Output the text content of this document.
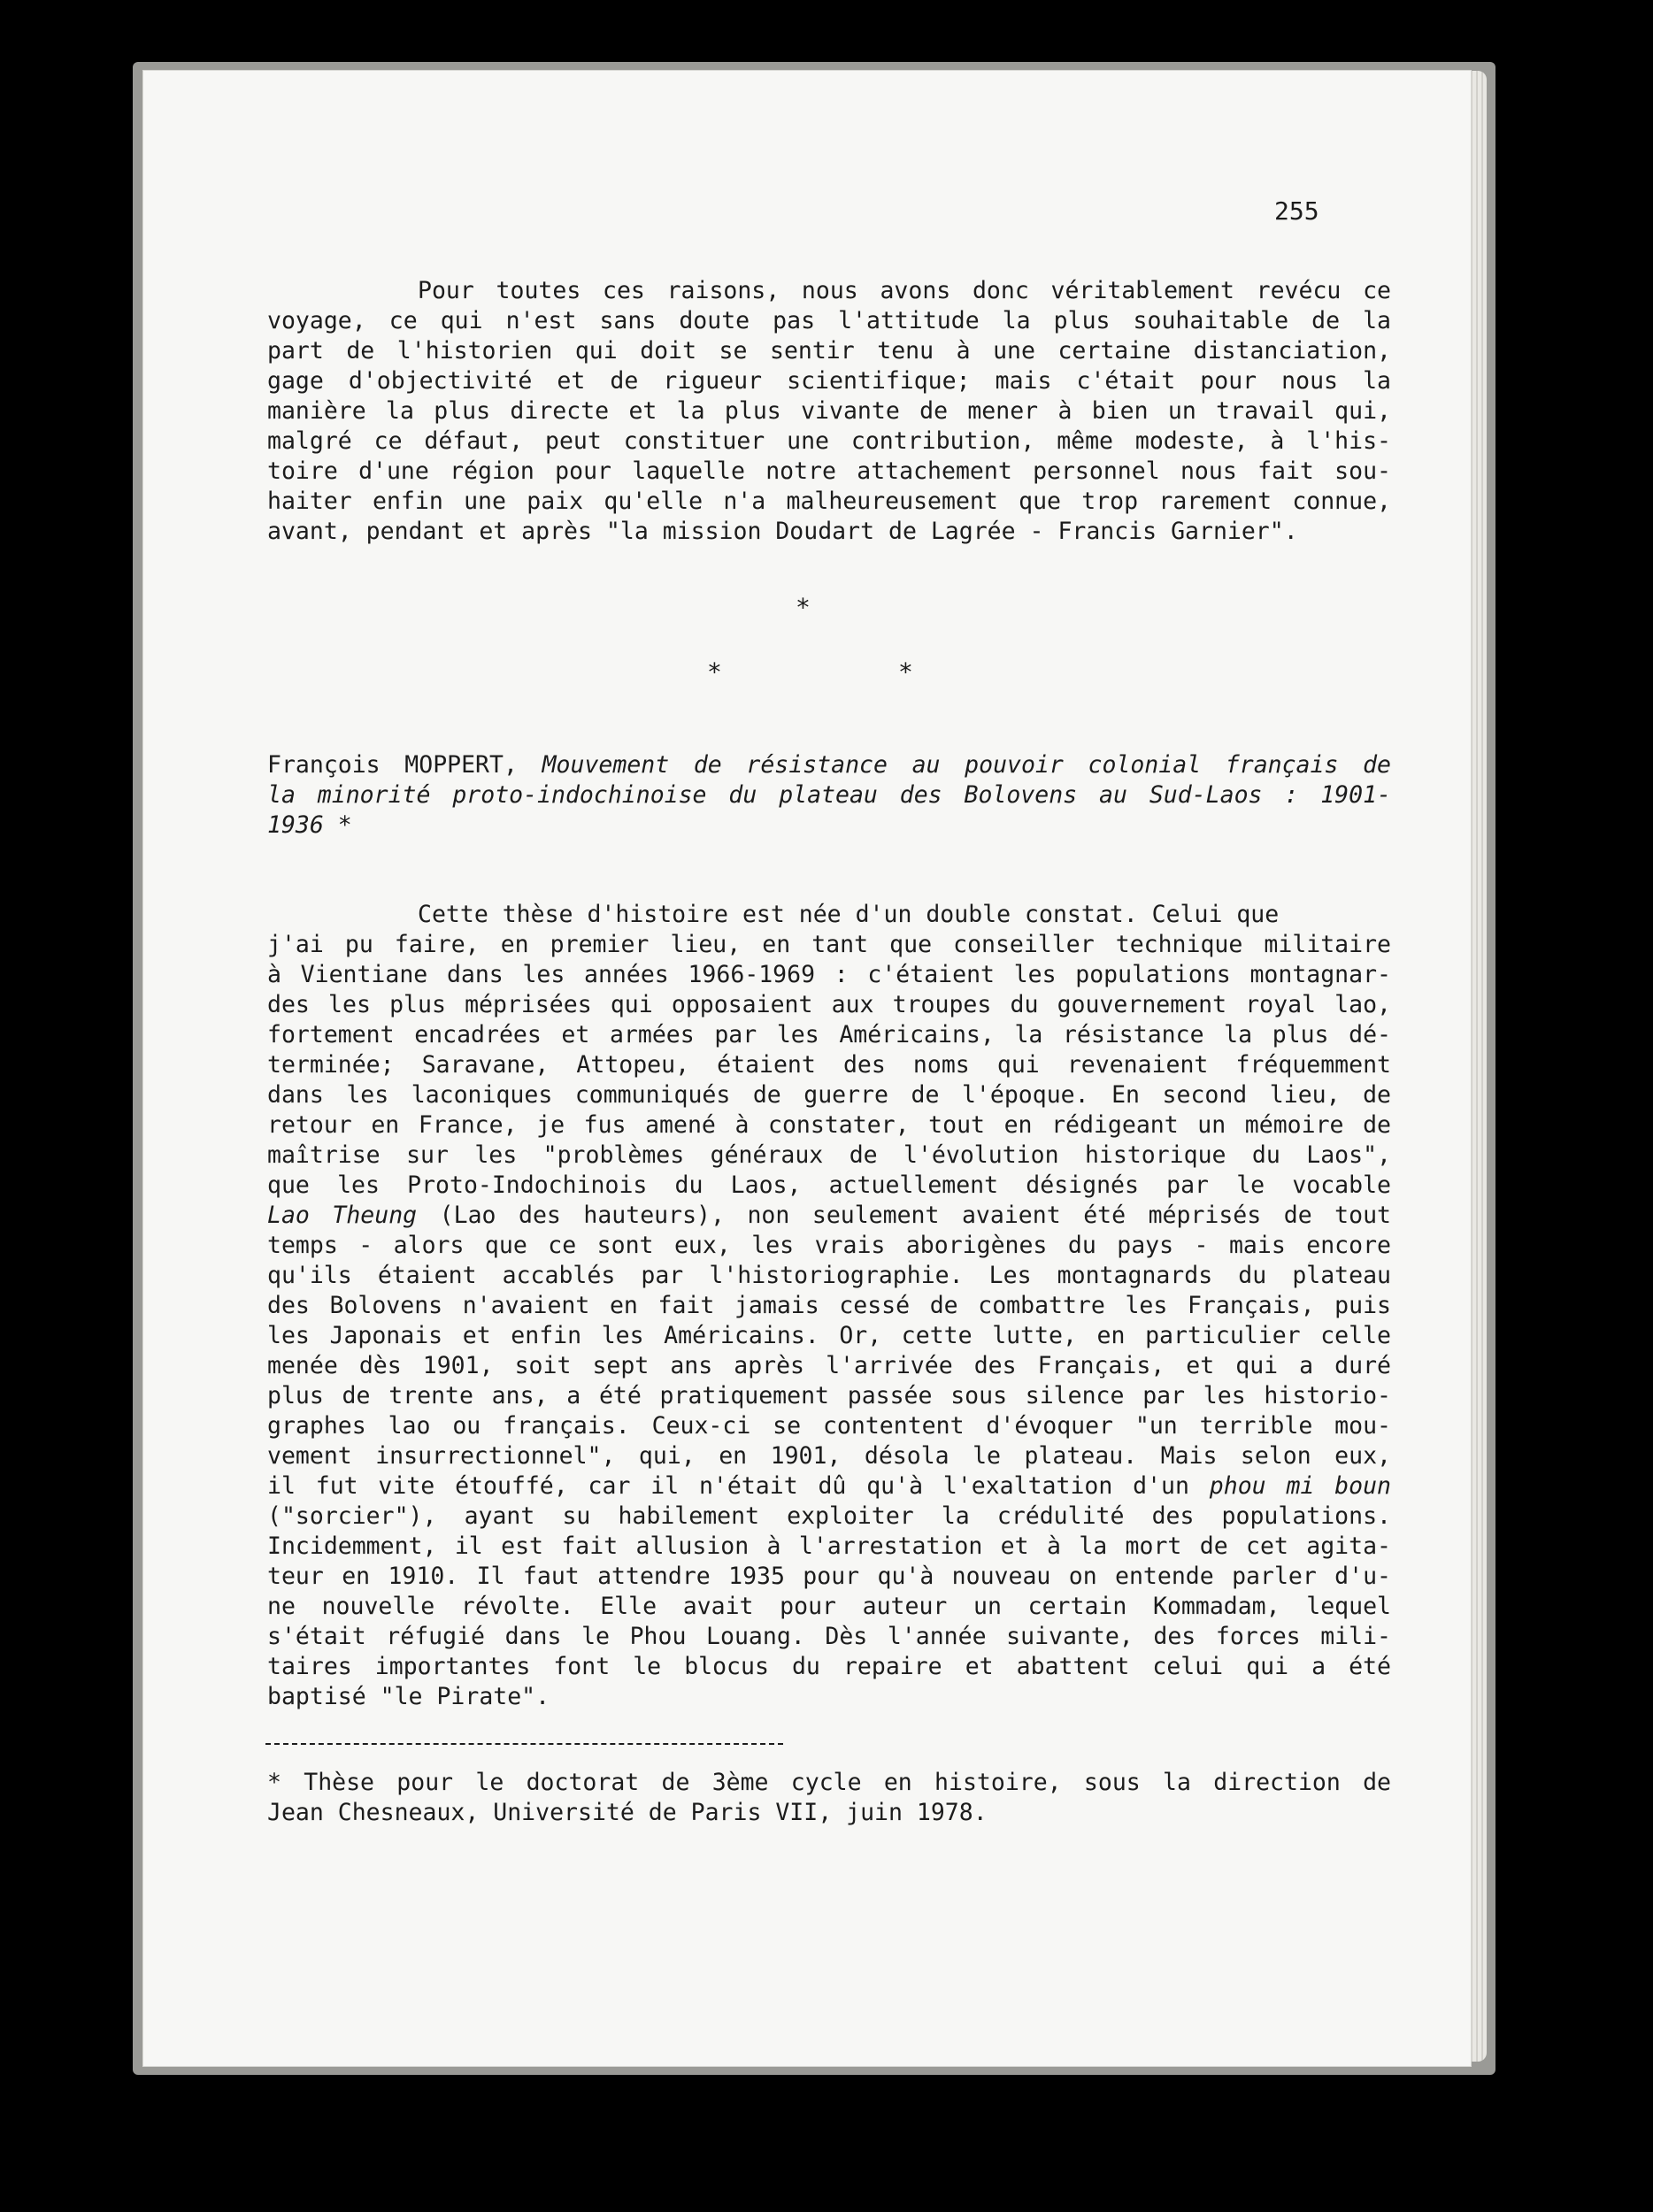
255
Pour toutes ces raisons, nous avons donc véritablement revécu ce
voyage, ce qui n'est sans doute pas l'attitude la plus souhaitable de la
part de l'historien qui doit se sentir tenu à une certaine distanciation,
gage d'objectivité et de rigueur scientifique; mais c'était pour nous la
manière la plus directe et la plus vivante de mener à bien un travail qui,
malgré ce défaut, peut constituer une contribution, même modeste, à l'his-
toire d'une région pour laquelle notre attachement personnel nous fait sou-
haiter enfin une paix qu'elle n'a malheureusement que trop rarement connue,
avant, pendant et après "la mission Doudart de Lagrée - Francis Garnier".
*
*	*
François MOPPERT, Mouvement de résistance au pouvoir colonial français de
la minorité proto-indochinoise du plateau des Bolovens au Sud-Laos : 1901-
1936 *
Cette thèse d'histoire est née d'un double constat. Celui que
j'ai pu faire, en premier lieu, en tant que conseiller technique militaire
à Vientiane dans les années 1966-1969 : c'étaient les populations montagnar-
des les plus méprisées qui opposaient aux troupes du gouvernement royal lao,
fortement encadrées et armées par les Américains, la résistance la plus dé-
terminée; Saravane, Attopeu, étaient des noms qui revenaient fréquemment
dans les laconiques communiqués de guerre de l'époque. En second lieu, de
retour en France, je fus amené à constater, tout en rédigeant un mémoire de
maîtrise sur les "problèmes généraux de l'évolution historique du Laos",
que les Proto-Indochinois du Laos, actuellement désignés par le vocable
Lao Theung (Lao des hauteurs), non seulement avaient été méprisés de tout
temps - alors que ce sont eux, les vrais aborigènes du pays - mais encore
qu'ils étaient accablés par l'historiographie. Les montagnards du plateau
des Bolovens n'avaient en fait jamais cessé de combattre les Français, puis
les Japonais et enfin les Américains. Or, cette lutte, en particulier celle
menée dès 1901, soit sept ans après l'arrivée des Français, et qui a duré
plus de trente ans, a été pratiquement passée sous silence par les historio-
graphes lao ou français. Ceux-ci se contentent d'évoquer "un terrible mou-
vement insurrectionnel", qui, en 1901, désola le plateau. Mais selon eux,
il fut vite étouffé, car il n'était dû qu'à l'exaltation d'un phou mi boun
("sorcier"), ayant su habilement exploiter la crédulité des populations.
Incidemment, il est fait allusion à l'arrestation et à la mort de cet agita-
teur en 1910. Il faut attendre 1935 pour qu'à nouveau on entende parler d'u-
ne nouvelle révolte. Elle avait pour auteur un certain Kommadam, lequel
s'était réfugié dans le Phou Louang. Dès l'année suivante, des forces mili-
taires importantes font le blocus du repaire et abattent celui qui a été
baptisé "le Pirate".
* Thèse pour le doctorat de 3ème cycle en histoire, sous la direction de
Jean Chesneaux, Université de Paris VII, juin 1978.
